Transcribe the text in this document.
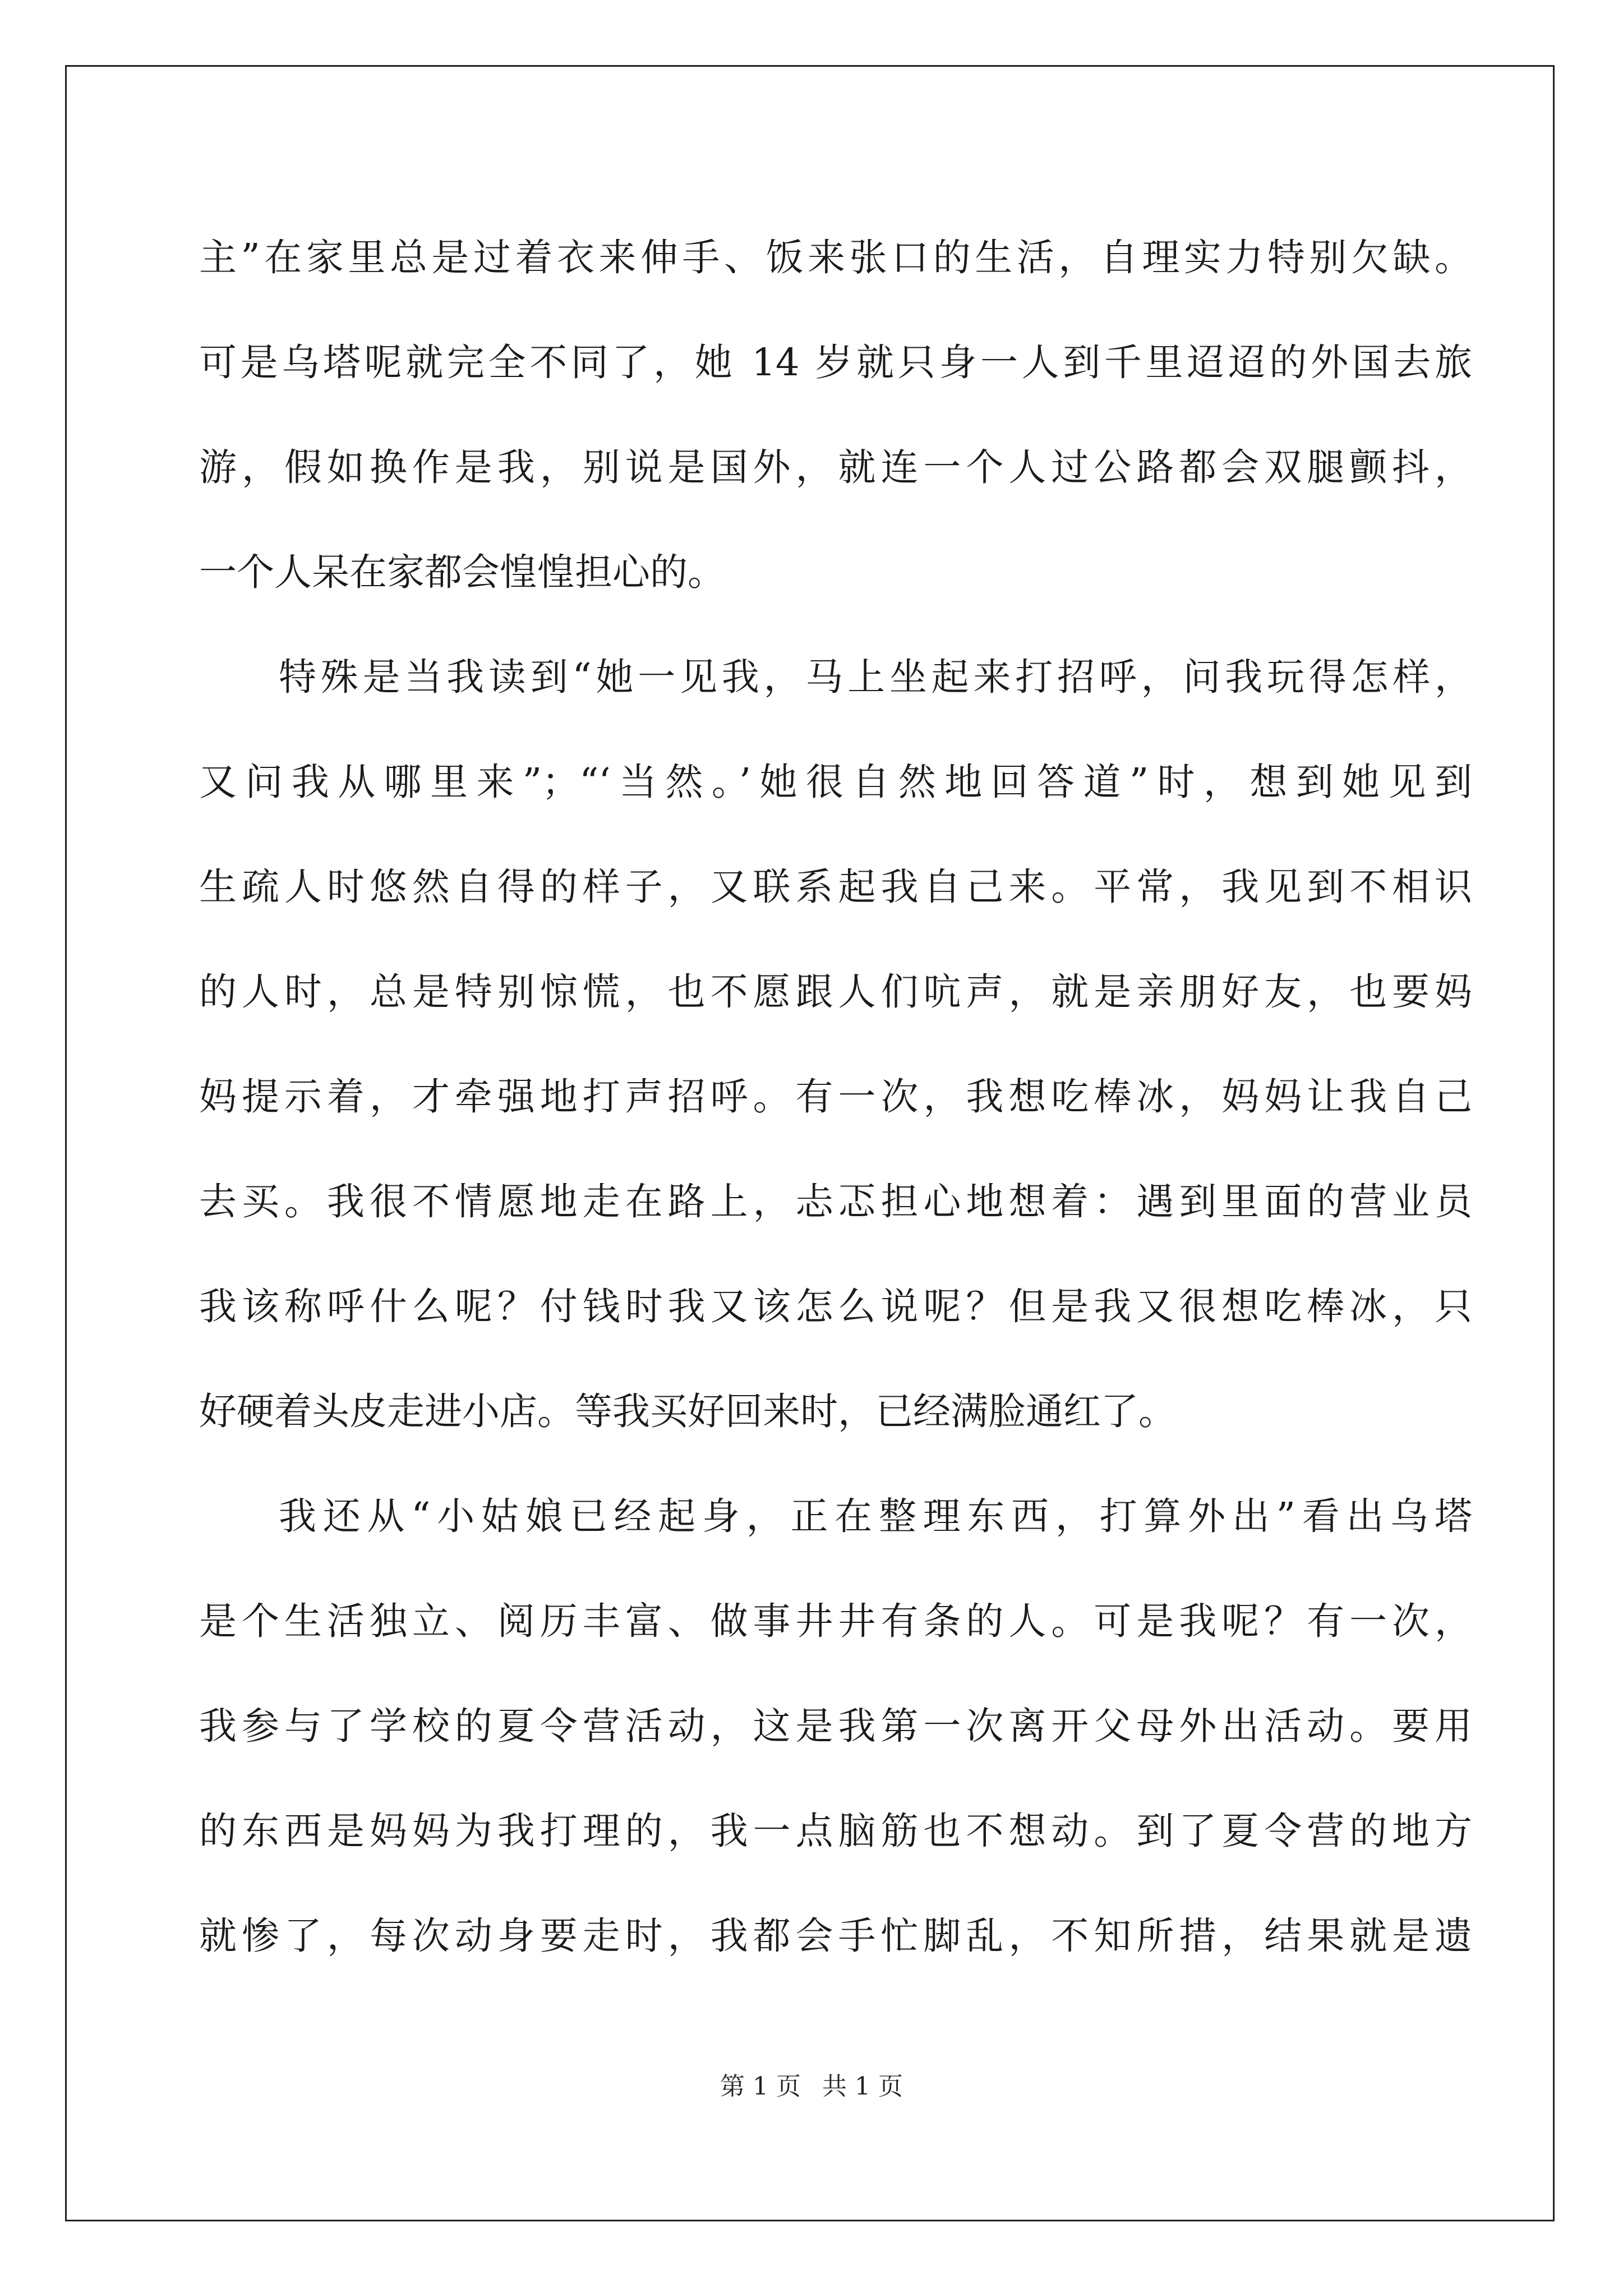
主”在家里总是过着衣来伸手、饭来张口的生活，自理实力特别欠缺。
可是乌塔呢就完全不同了，她 14 岁就只身一人到千里迢迢的外国去旅
游，假如换作是我，别说是国外，就连一个人过公路都会双腿颤抖，
一个人呆在家都会惶惶担心的。
特殊是当我读到“她一见我，马上坐起来打招呼，问我玩得怎样，
又问我从哪里来”；“‘当然。’她很自然地回答道”时，想到她见到
生疏人时悠然自得的样子，又联系起我自己来。平常，我见到不相识
的人时，总是特别惊慌，也不愿跟人们吭声，就是亲朋好友，也要妈
妈提示着，才牵强地打声招呼。有一次，我想吃棒冰，妈妈让我自己
去买。我很不情愿地走在路上，忐忑担心地想着：遇到里面的营业员
我该称呼什么呢？付钱时我又该怎么说呢？但是我又很想吃棒冰，只
好硬着头皮走进小店。等我买好回来时，已经满脸通红了。
我还从“小姑娘已经起身，正在整理东西，打算外出”看出乌塔
是个生活独立、阅历丰富、做事井井有条的人。可是我呢？有一次，
我参与了学校的夏令营活动，这是我第一次离开父母外出活动。要用
的东西是妈妈为我打理的，我一点脑筋也不想动。到了夏令营的地方
就惨了，每次动身要走时，我都会手忙脚乱，不知所措，结果就是遗
第 1 页 共 1 页
